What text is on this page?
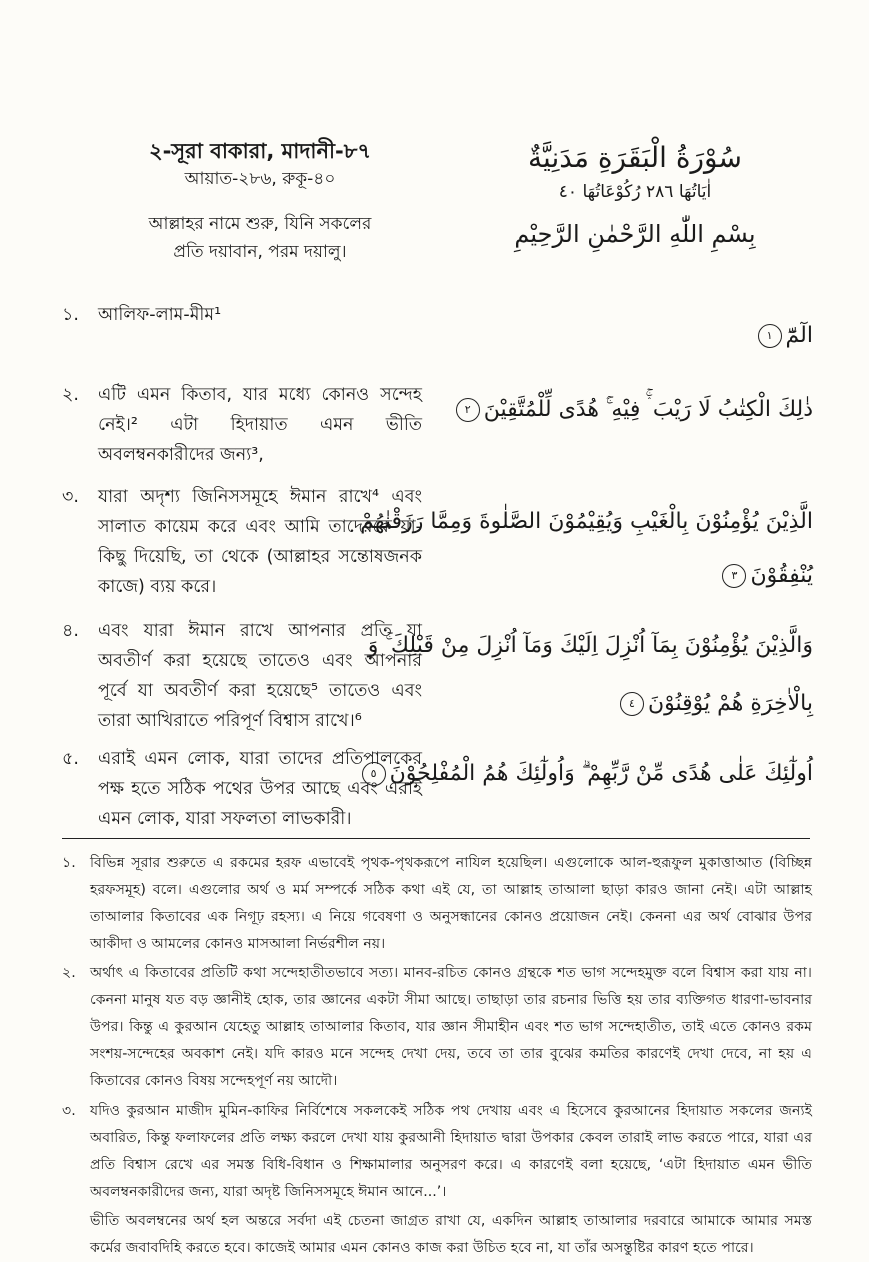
২-সূরা বাকারা, মাদানী-৮৭
আয়াত-২৮৬, রুকূ-৪০
আল্লাহর নামে শুরু, যিনি সকলের
প্রতি দয়াবান, পরম দয়ালু।
سُوْرَةُ الْبَقَرَةِ مَدَنِيَّةٌ
اٰيَاتُهَا ٢٨٦ رُكُوْعَاتُهَا ٤٠
بِسْمِ اللّٰهِ الرَّحْمٰنِ الرَّحِيْمِ
১.	আলিফ-লাম-মীম¹
২.	এটি এমন কিতাব, যার মধ্যে কোনও সন্দেহ নেই।² এটা হিদায়াত এমন ভীতি অবলম্বনকারীদের জন্য³,
৩.	যারা অদৃশ্য জিনিসসমূহে ঈমান রাখে⁴ এবং সালাত কায়েম করে এবং আমি তাদেরকে যা-কিছু দিয়েছি, তা থেকে (আল্লাহর সন্তোষজনক কাজে) ব্যয় করে।
৪.	এবং যারা ঈমান রাখে আপনার প্রতি যা অবতীর্ণ করা হয়েছে তাতেও এবং আপনার পূর্বে যা অবতীর্ণ করা হয়েছে⁵ তাতেও এবং তারা আখিরাতে পরিপূর্ণ বিশ্বাস রাখে।⁶
৫.	এরাই এমন লোক, যারা তাদের প্রতিপালকের পক্ষ হতে সঠিক পথের উপর আছে এবং এরাই এমন লোক, যারা সফলতা লাভকারী।
الٓمّٓ١
ذٰلِكَ الْكِتٰبُ لَا رَيْبَ ۛۚ فِيْهِ ۚۛ هُدًى لِّلْمُتَّقِيْنَ٢
الَّذِيْنَ يُؤْمِنُوْنَ بِالْغَيْبِ وَيُقِيْمُوْنَ الصَّلٰوةَ وَمِمَّا رَزَقْنٰهُمْ
يُنْفِقُوْنَ٣
وَالَّذِيْنَ يُؤْمِنُوْنَ بِمَآ اُنْزِلَ اِلَيْكَ وَمَآ اُنْزِلَ مِنْ قَبْلِكَ ۚ وَ
بِالْاٰخِرَةِ هُمْ يُوْقِنُوْنَ٤
اُولٰٓئِكَ عَلٰى هُدًى مِّنْ رَّبِّهِمْ ۗ وَاُولٰٓئِكَ هُمُ الْمُفْلِحُوْنَ٥
১.	বিভিন্ন সূরার শুরুতে এ রকমের হরফ এভাবেই পৃথক-পৃথকরূপে নাযিল হয়েছিল। এগুলোকে আল-হুরূফুল মুকাত্তাআত (বিচ্ছিন্ন হরফসমূহ) বলে। এগুলোর অর্থ ও মর্ম সম্পর্কে সঠিক কথা এই যে, তা আল্লাহ তাআলা ছাড়া কারও জানা নেই। এটা আল্লাহ তাআলার কিতাবের এক নিগূঢ় রহস্য। এ নিয়ে গবেষণা ও অনুসন্ধানের কোনও প্রয়োজন নেই। কেননা এর অর্থ বোঝার উপর আকীদা ও আমলের কোনও মাসআলা নির্ভরশীল নয়।
২.	অর্থাৎ এ কিতাবের প্রতিটি কথা সন্দেহাতীতভাবে সত্য। মানব-রচিত কোনও গ্রন্থকে শত ভাগ সন্দেহমুক্ত বলে বিশ্বাস করা যায় না। কেননা মানুষ যত বড় জ্ঞানীই হোক, তার জ্ঞানের একটা সীমা আছে। তাছাড়া তার রচনার ভিত্তি হয় তার ব্যক্তিগত ধারণা-ভাবনার উপর। কিন্তু এ কুরআন যেহেতু আল্লাহ তাআলার কিতাব, যার জ্ঞান সীমাহীন এবং শত ভাগ সন্দেহাতীত, তাই এতে কোনও রকম সংশয়-সন্দেহের অবকাশ নেই। যদি কারও মনে সন্দেহ দেখা দেয়, তবে তা তার বুঝের কমতির কারণেই দেখা দেবে, না হয় এ কিতাবের কোনও বিষয় সন্দেহপূর্ণ নয় আদৌ।
৩.	যদিও কুরআন মাজীদ মুমিন-কাফির নির্বিশেষে সকলকেই সঠিক পথ দেখায় এবং এ হিসেবে কুরআনের হিদায়াত সকলের জন্যই অবারিত, কিন্তু ফলাফলের প্রতি লক্ষ্য করলে দেখা যায় কুরআনী হিদায়াত দ্বারা উপকার কেবল তারাই লাভ করতে পারে, যারা এর প্রতি বিশ্বাস রেখে এর সমস্ত বিধি-বিধান ও শিক্ষামালার অনুসরণ করে। এ কারণেই বলা হয়েছে, ‘এটা হিদায়াত এমন ভীতি অবলম্বনকারীদের জন্য, যারা অদৃষ্ট জিনিসসমূহে ঈমান আনে...’।
ভীতি অবলম্বনের অর্থ হল অন্তরে সর্বদা এই চেতনা জাগ্রত রাখা যে, একদিন আল্লাহ তাআলার দরবারে আমাকে আমার সমস্ত কর্মের জবাবদিহি করতে হবে। কাজেই আমার এমন কোনও কাজ করা উচিত হবে না, যা তাঁর অসন্তুষ্টির কারণ হতে পারে।
